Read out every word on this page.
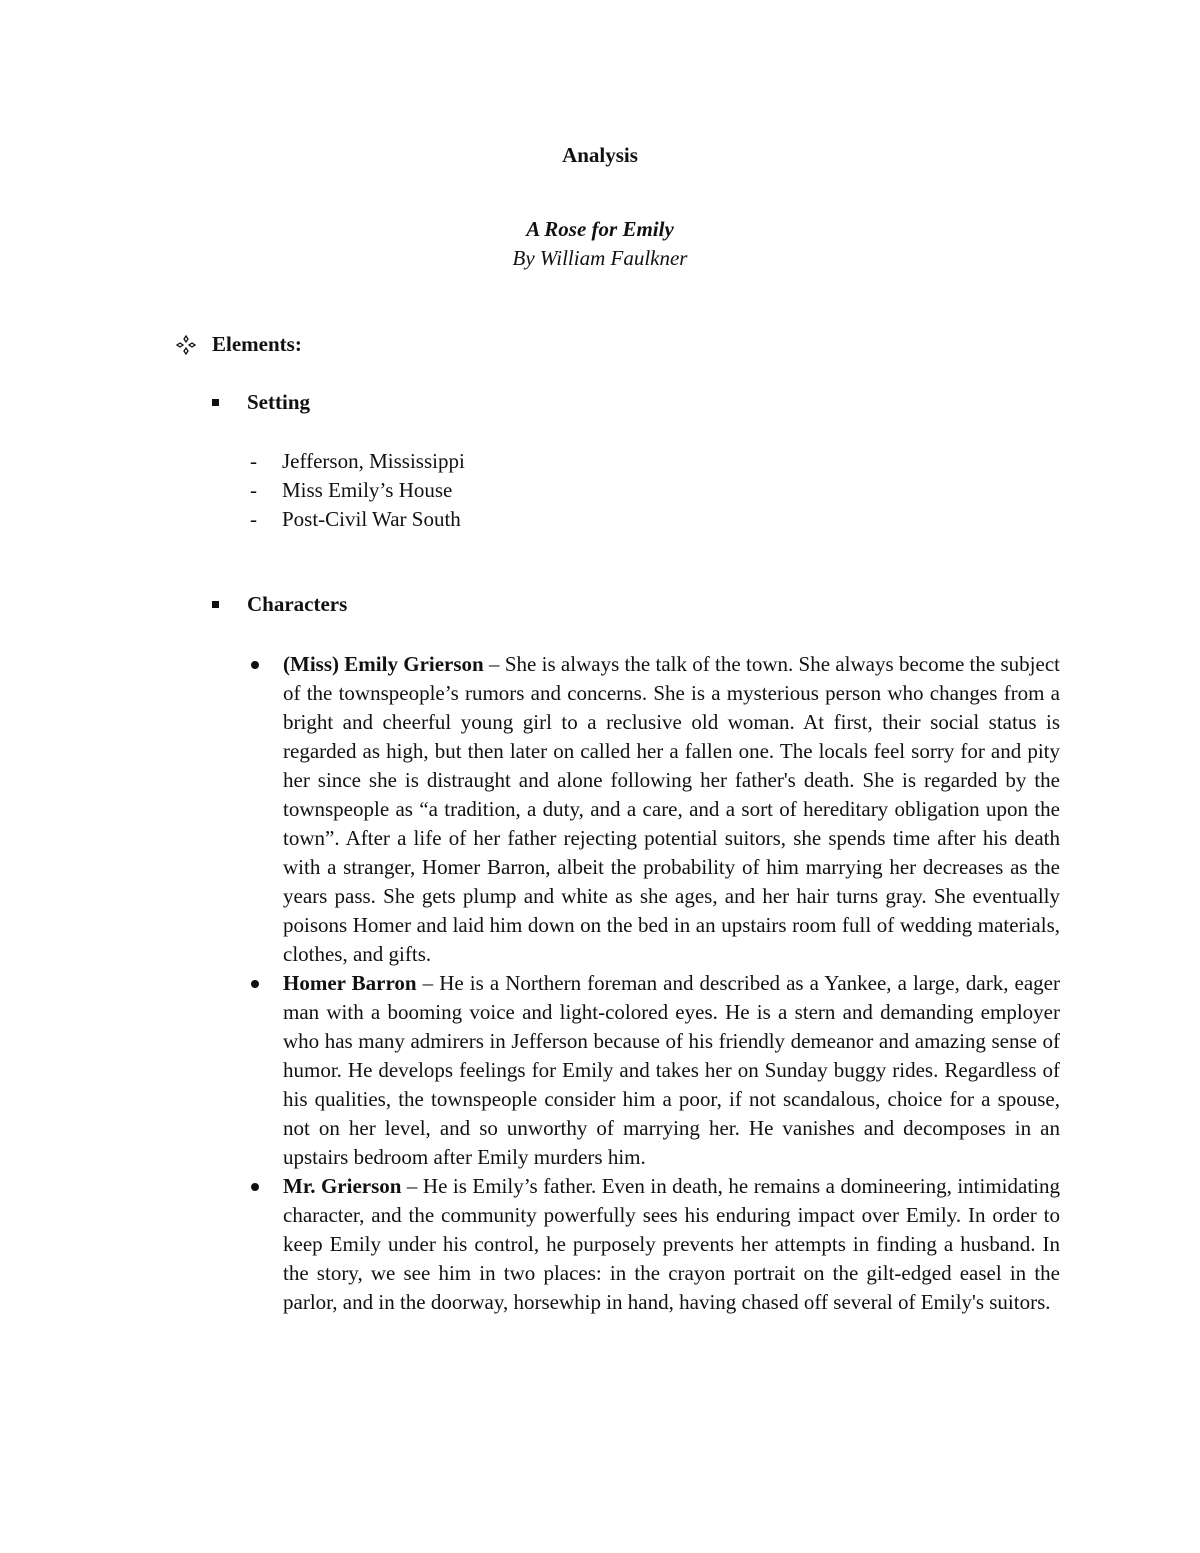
Analysis
A Rose for Emily
By William Faulkner
Elements:
Setting
-	Jefferson, Mississippi
-	Miss Emily’s House
-	Post-Civil War South
Characters
(Miss) Emily Grierson – She is always the talk of the town. She always become the subject of the townspeople’s rumors and concerns. She is a mysterious person who changes from a bright and cheerful young girl to a reclusive old woman. At first, their social status is regarded as high, but then later on called her a fallen one. The locals feel sorry for and pity her since she is distraught and alone following her father's death. She is regarded by the townspeople as “a tradition, a duty, and a care, and a sort of hereditary obligation upon the town”. After a life of her father rejecting potential suitors, she spends time after his death with a stranger, Homer Barron, albeit the probability of him marrying her decreases as the years pass. She gets plump and white as she ages, and her hair turns gray. She eventually poisons Homer and laid him down on the bed in an upstairs room full of wedding materials, clothes, and gifts.
Homer Barron – He is a Northern foreman and described as a Yankee, a large, dark, eager man with a booming voice and light-colored eyes. He is a stern and demanding employer who has many admirers in Jefferson because of his friendly demeanor and amazing sense of humor. He develops feelings for Emily and takes her on Sunday buggy rides. Regardless of his qualities, the townspeople consider him a poor, if not scandalous, choice for a spouse, not on her level, and so unworthy of marrying her. He vanishes and decomposes in an upstairs bedroom after Emily murders him.
Mr. Grierson – He is Emily’s father. Even in death, he remains a domineering, intimidating character, and the community powerfully sees his enduring impact over Emily. In order to keep Emily under his control, he purposely prevents her attempts in finding a husband. In the story, we see him in two places: in the crayon portrait on the gilt-edged easel in the parlor, and in the doorway, horsewhip in hand, having chased off several of Emily's suitors.
